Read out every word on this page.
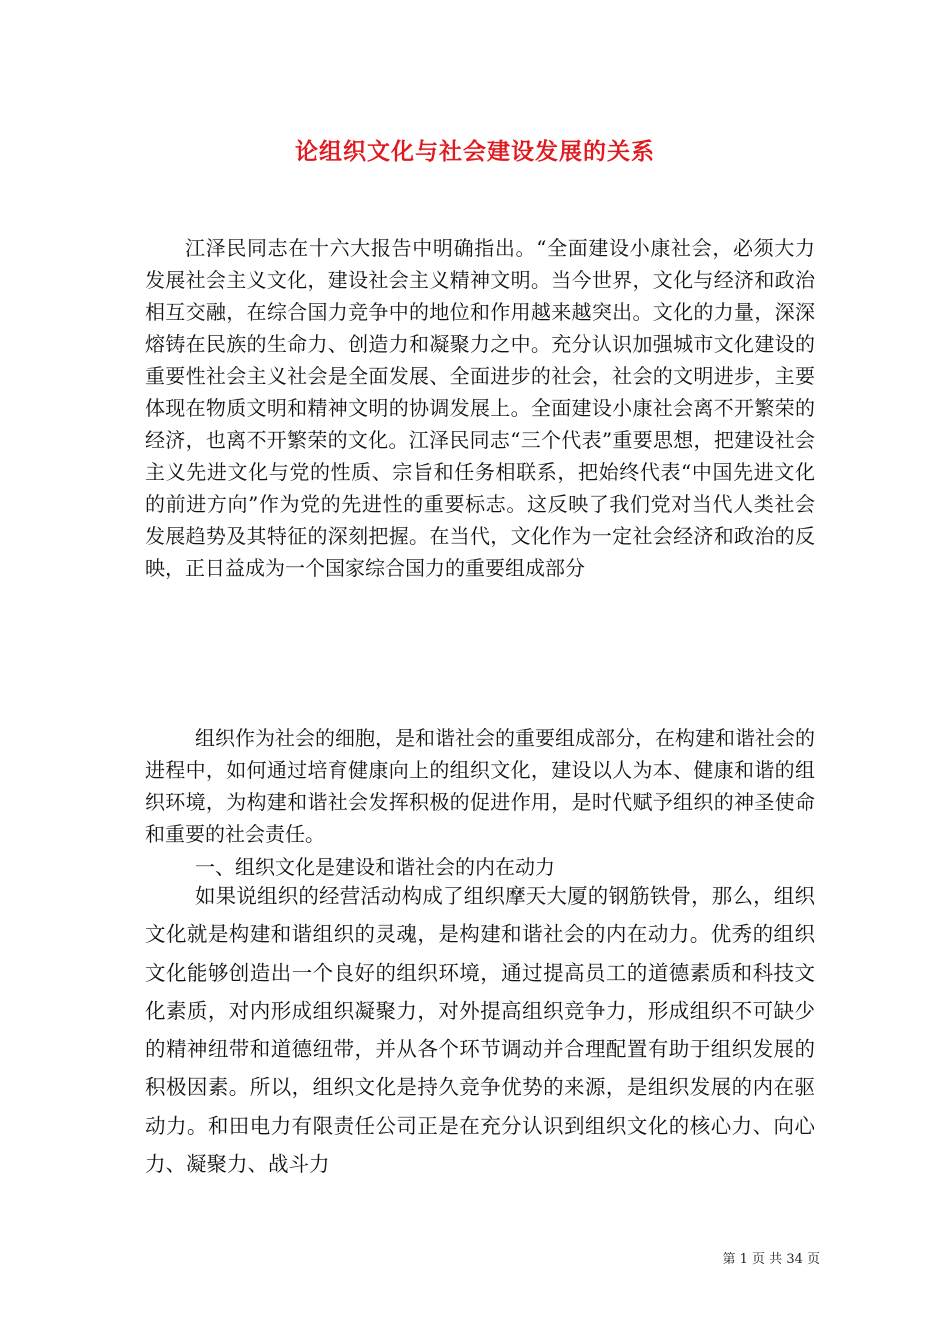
论组织文化与社会建设发展的关系
江泽民同志在十六大报告中明确指出。“全面建设小康社会，必须大力发展社会主义文化，建设社会主义精神文明。当今世界，文化与经济和政治相互交融，在综合国力竞争中的地位和作用越来越突出。文化的力量，深深熔铸在民族的生命力、创造力和凝聚力之中。充分认识加强城市文化建设的重要性社会主义社会是全面发展、全面进步的社会，社会的文明进步，主要体现在物质文明和精神文明的协调发展上。全面建设小康社会离不开繁荣的经济，也离不开繁荣的文化。江泽民同志“三个代表”重要思想，把建设社会主义先进文化与党的性质、宗旨和任务相联系，把始终代表“中国先进文化的前进方向”作为党的先进性的重要标志。这反映了我们党对当代人类社会发展趋势及其特征的深刻把握。在当代，文化作为一定社会经济和政治的反映，正日益成为一个国家综合国力的重要组成部分
组织作为社会的细胞，是和谐社会的重要组成部分，在构建和谐社会的进程中，如何通过培育健康向上的组织文化，建设以人为本、健康和谐的组织环境，为构建和谐社会发挥积极的促进作用，是时代赋予组织的神圣使命和重要的社会责任。
一、组织文化是建设和谐社会的内在动力
如果说组织的经营活动构成了组织摩天大厦的钢筋铁骨，那么，组织文化就是构建和谐组织的灵魂，是构建和谐社会的内在动力。优秀的组织文化能够创造出一个良好的组织环境，通过提高员工的道德素质和科技文化素质，对内形成组织凝聚力，对外提高组织竞争力，形成组织不可缺少的精神纽带和道德纽带，并从各个环节调动并合理配置有助于组织发展的积极因素。所以，组织文化是持久竞争优势的来源，是组织发展的内在驱动力。和田电力有限责任公司正是在充分认识到组织文化的核心力、向心力、凝聚力、战斗力
第 1 页 共 34 页
